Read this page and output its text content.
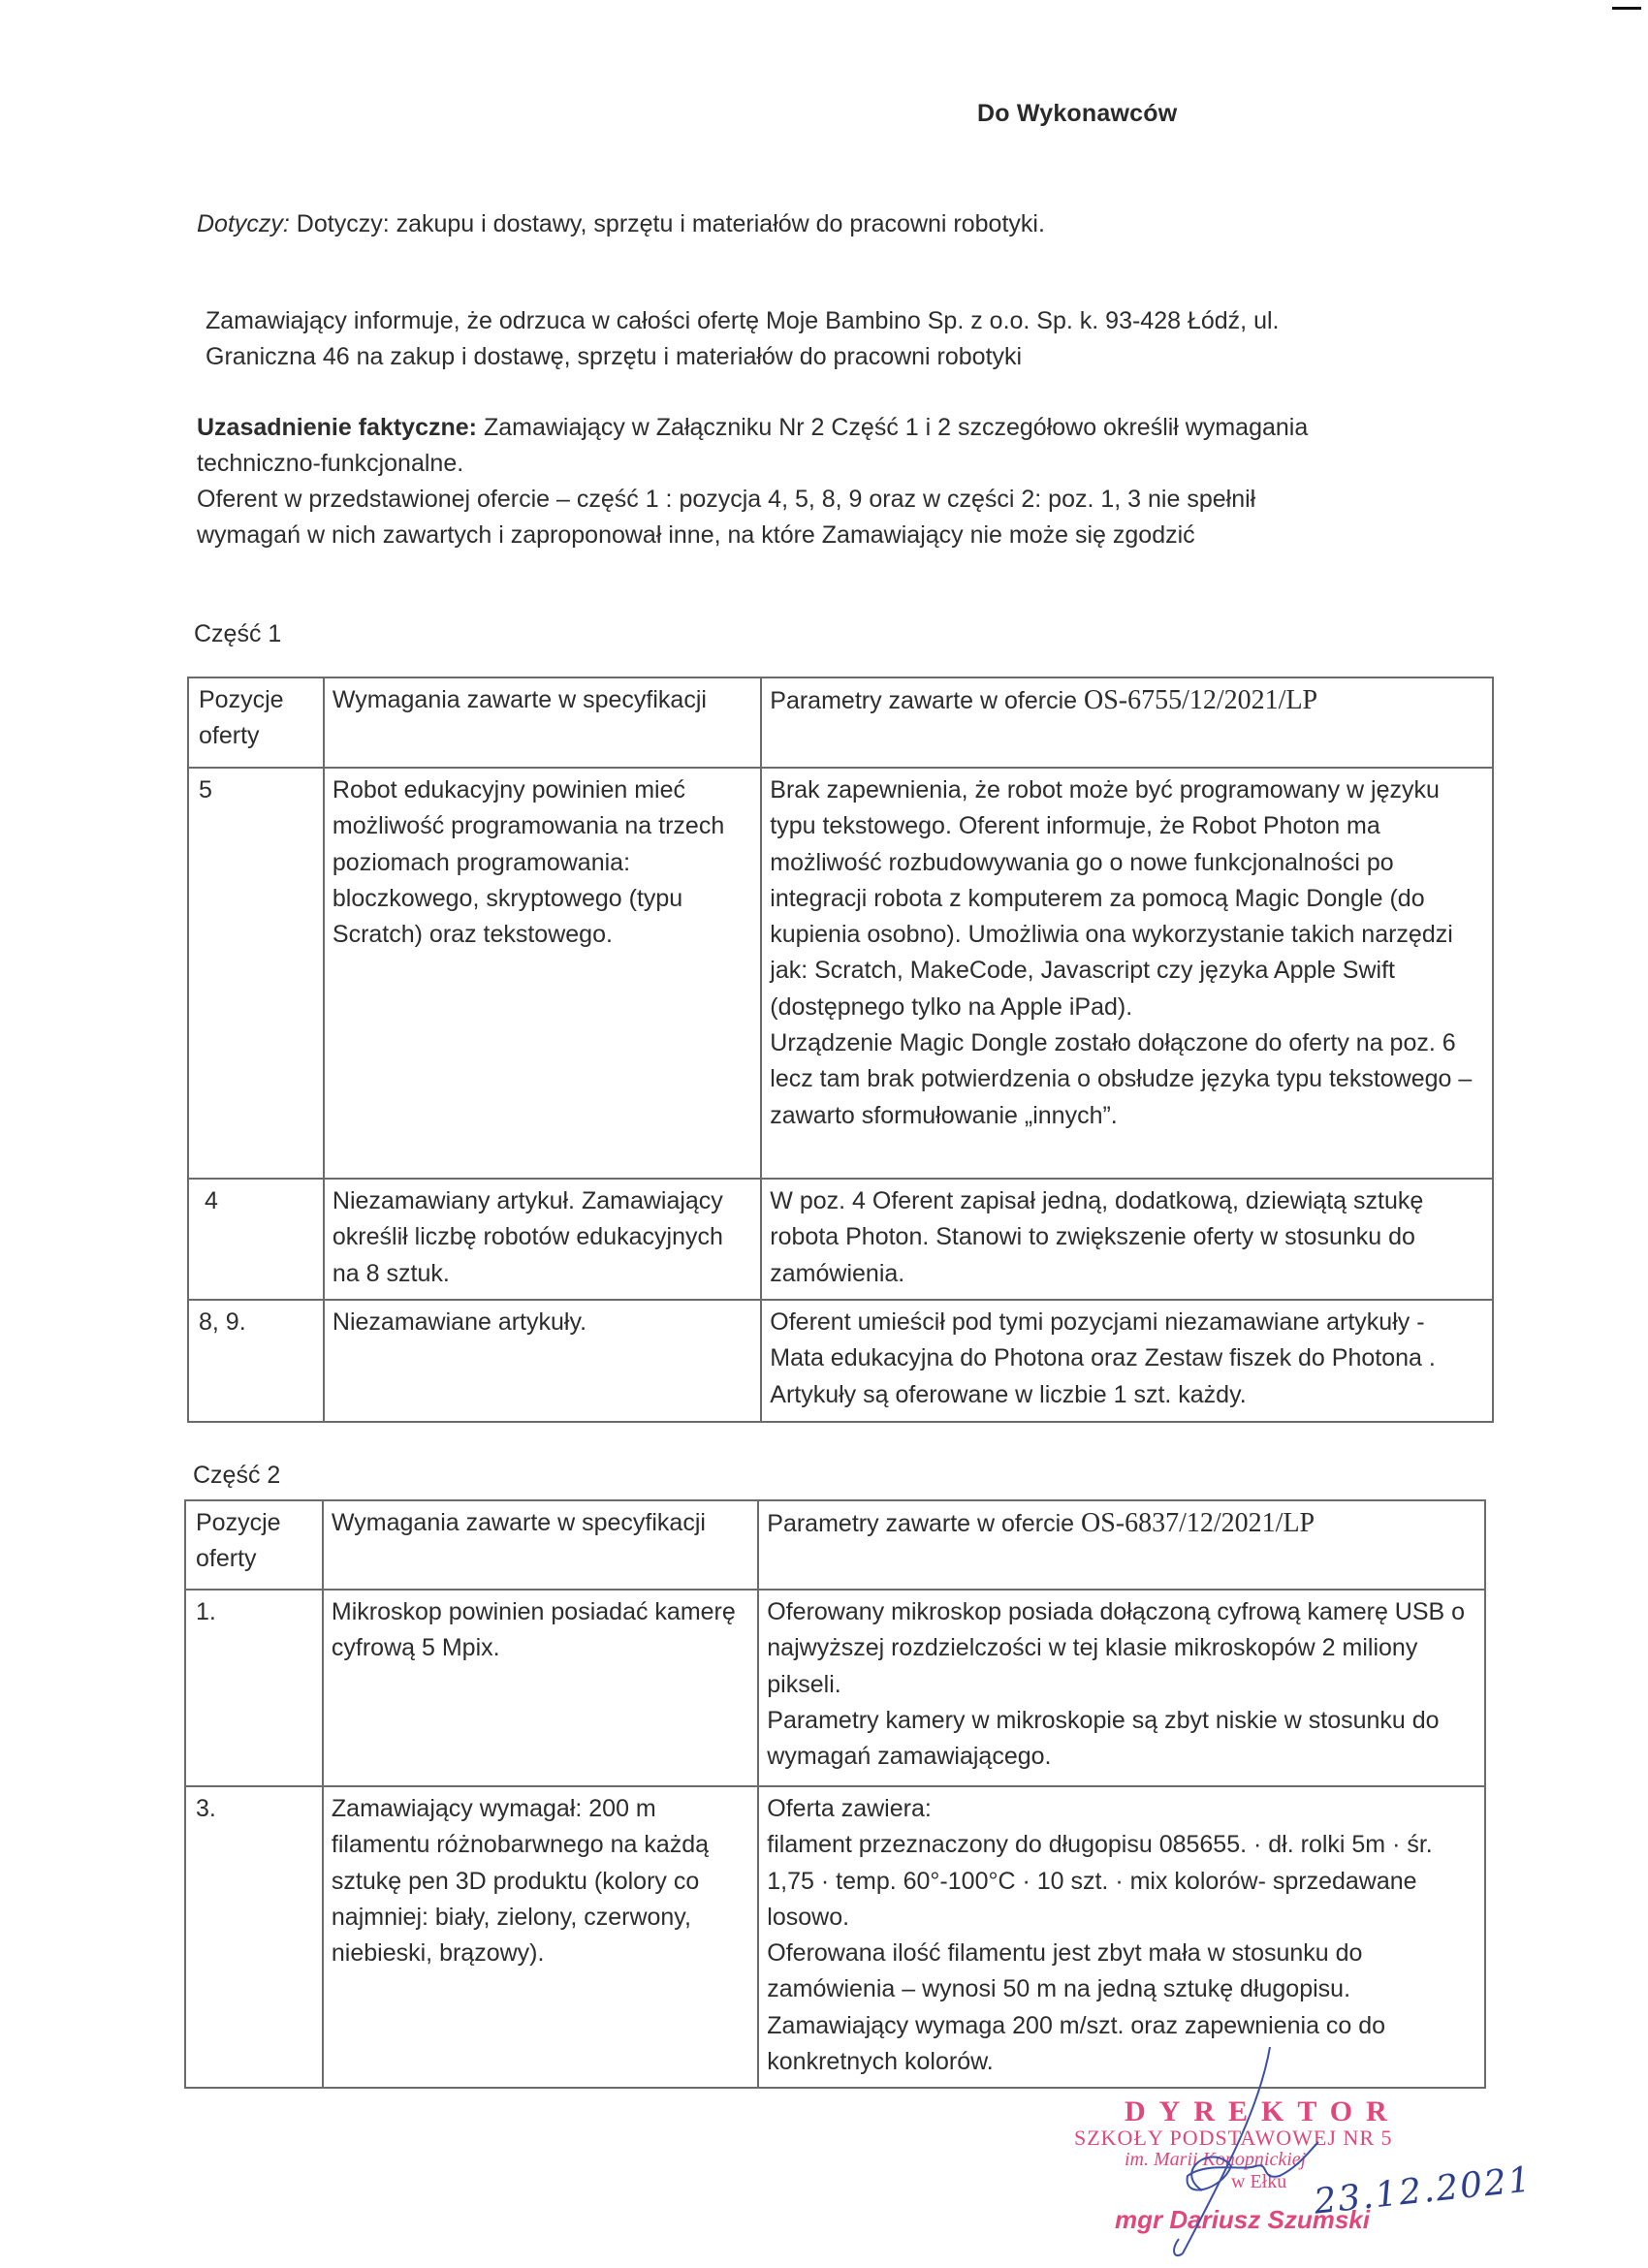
Do Wykonawców
Dotyczy: Dotyczy: zakupu i dostawy, sprzętu i materiałów do pracowni robotyki.
Zamawiający informuje, że odrzuca w całości ofertę Moje Bambino Sp. z o.o. Sp. k. 93-428 Łódź, ul.
Graniczna 46 na zakup i dostawę, sprzętu i materiałów do pracowni robotyki
Uzasadnienie faktyczne: Zamawiający w Załączniku Nr 2 Część 1 i 2 szczegółowo określił wymagania
techniczno-funkcjonalne.
Oferent w przedstawionej ofercie – część 1 : pozycja 4, 5, 8, 9 oraz w części 2: poz. 1, 3 nie spełnił
wymagań w nich zawartych i zaproponował inne, na które Zamawiający nie może się zgodzić
Część 1
Pozycje oferty	Wymagania zawarte w specyfikacji	Parametry zawarte w ofercie OS-6755/12/2021/LP
5	Robot edukacyjny powinien mieć możliwość programowania na trzech poziomach programowania: bloczkowego, skryptowego (typu Scratch) oraz tekstowego.	Brak zapewnienia, że robot może być programowany w języku typu tekstowego. Oferent informuje, że Robot Photon ma możliwość rozbudowywania go o nowe funkcjonalności po integracji robota z komputerem za pomocą Magic Dongle (do kupienia osobno). Umożliwia ona wykorzystanie takich narzędzi jak: Scratch, MakeCode, Javascript czy języka Apple Swift (dostępnego tylko na Apple iPad).
Urządzenie Magic Dongle zostało dołączone do oferty na poz. 6 lecz tam brak potwierdzenia o obsłudze języka typu tekstowego – zawarto sformułowanie „innych”.

4	Niezamawiany artykuł. Zamawiający określił liczbę robotów edukacyjnych na 8 sztuk.	W poz. 4 Oferent zapisał jedną, dodatkową, dziewiątą sztukę robota Photon. Stanowi to zwiększenie oferty w stosunku do zamówienia.

8, 9.	Niezamawiane artykuły.	Oferent umieścił pod tymi pozycjami niezamawiane artykuły - Mata edukacyjna do Photona oraz Zestaw fiszek do Photona . Artykuły są oferowane w liczbie 1 szt. każdy.
Część 2
Pozycje oferty	Wymagania zawarte w specyfikacji	Parametry zawarte w ofercie OS-6837/12/2021/LP
1.	Mikroskop powinien posiadać kamerę cyfrową 5 Mpix.	Oferowany mikroskop posiada dołączoną cyfrową kamerę USB o najwyższej rozdzielczości w tej klasie mikroskopów 2 miliony pikseli.
Parametry kamery w mikroskopie są zbyt niskie w stosunku do wymagań zamawiającego.

3.	Zamawiający wymagał: 200 m filamentu różnobarwnego na każdą sztukę pen 3D produktu (kolory co najmniej: biały, zielony, czerwony, niebieski, brązowy).	Oferta zawiera:
filament przeznaczony do długopisu 085655. · dł. rolki 5m · śr. 1,75 · temp. 60°-100°C · 10 szt. · mix kolorów- sprzedawane losowo.
Oferowana ilość filamentu jest zbyt mała w stosunku do zamówienia – wynosi 50 m na jedną sztukę długopisu. Zamawiający wymaga 200 m/szt. oraz zapewnienia co do konkretnych kolorów.
DYREKTOR
SZKOŁY PODSTAWOWEJ NR 5
im. Marii Konopnickiej
w Ełku
mgr Dariusz Szumski
23.12.2021
